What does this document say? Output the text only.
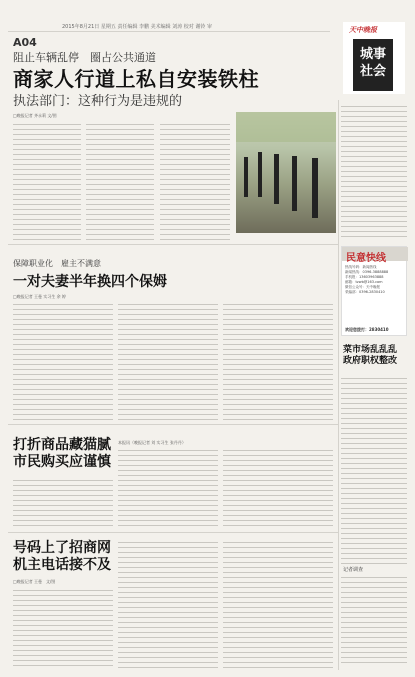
2015年8月21日 星期五 责任编辑 李鹏 美术编辑 刘涛 校对 谢铃 审
A04
天中晚报
城事
社会
阻止车辆乱停　圈占公共通道
商家人行道上私自安装铁柱
执法部门：这种行为是违规的
□晚报记者 齐永莉 文/图
保障职业化　雇主不满意
一对夫妻半年换四个保姆
□晚报记者 王曼 实习生 余 婷
打折商品藏猫腻
市民购买应谨慎
本报讯（晚报记者 刘 实习生 张丹丹）
号码上了招商网
机主电话接不及
□晚报记者 王曼　文/图
民意快线
热线号码：新闻热线
新闻热线：0396-3888888
手机报：13603963888
邮箱：tzwb@163.com
微信公众号：天中晚报
采编部：0396-2830410
欢迎您拨打：2830410
菜市场乱乱乱
政府职权整改
记者调查
